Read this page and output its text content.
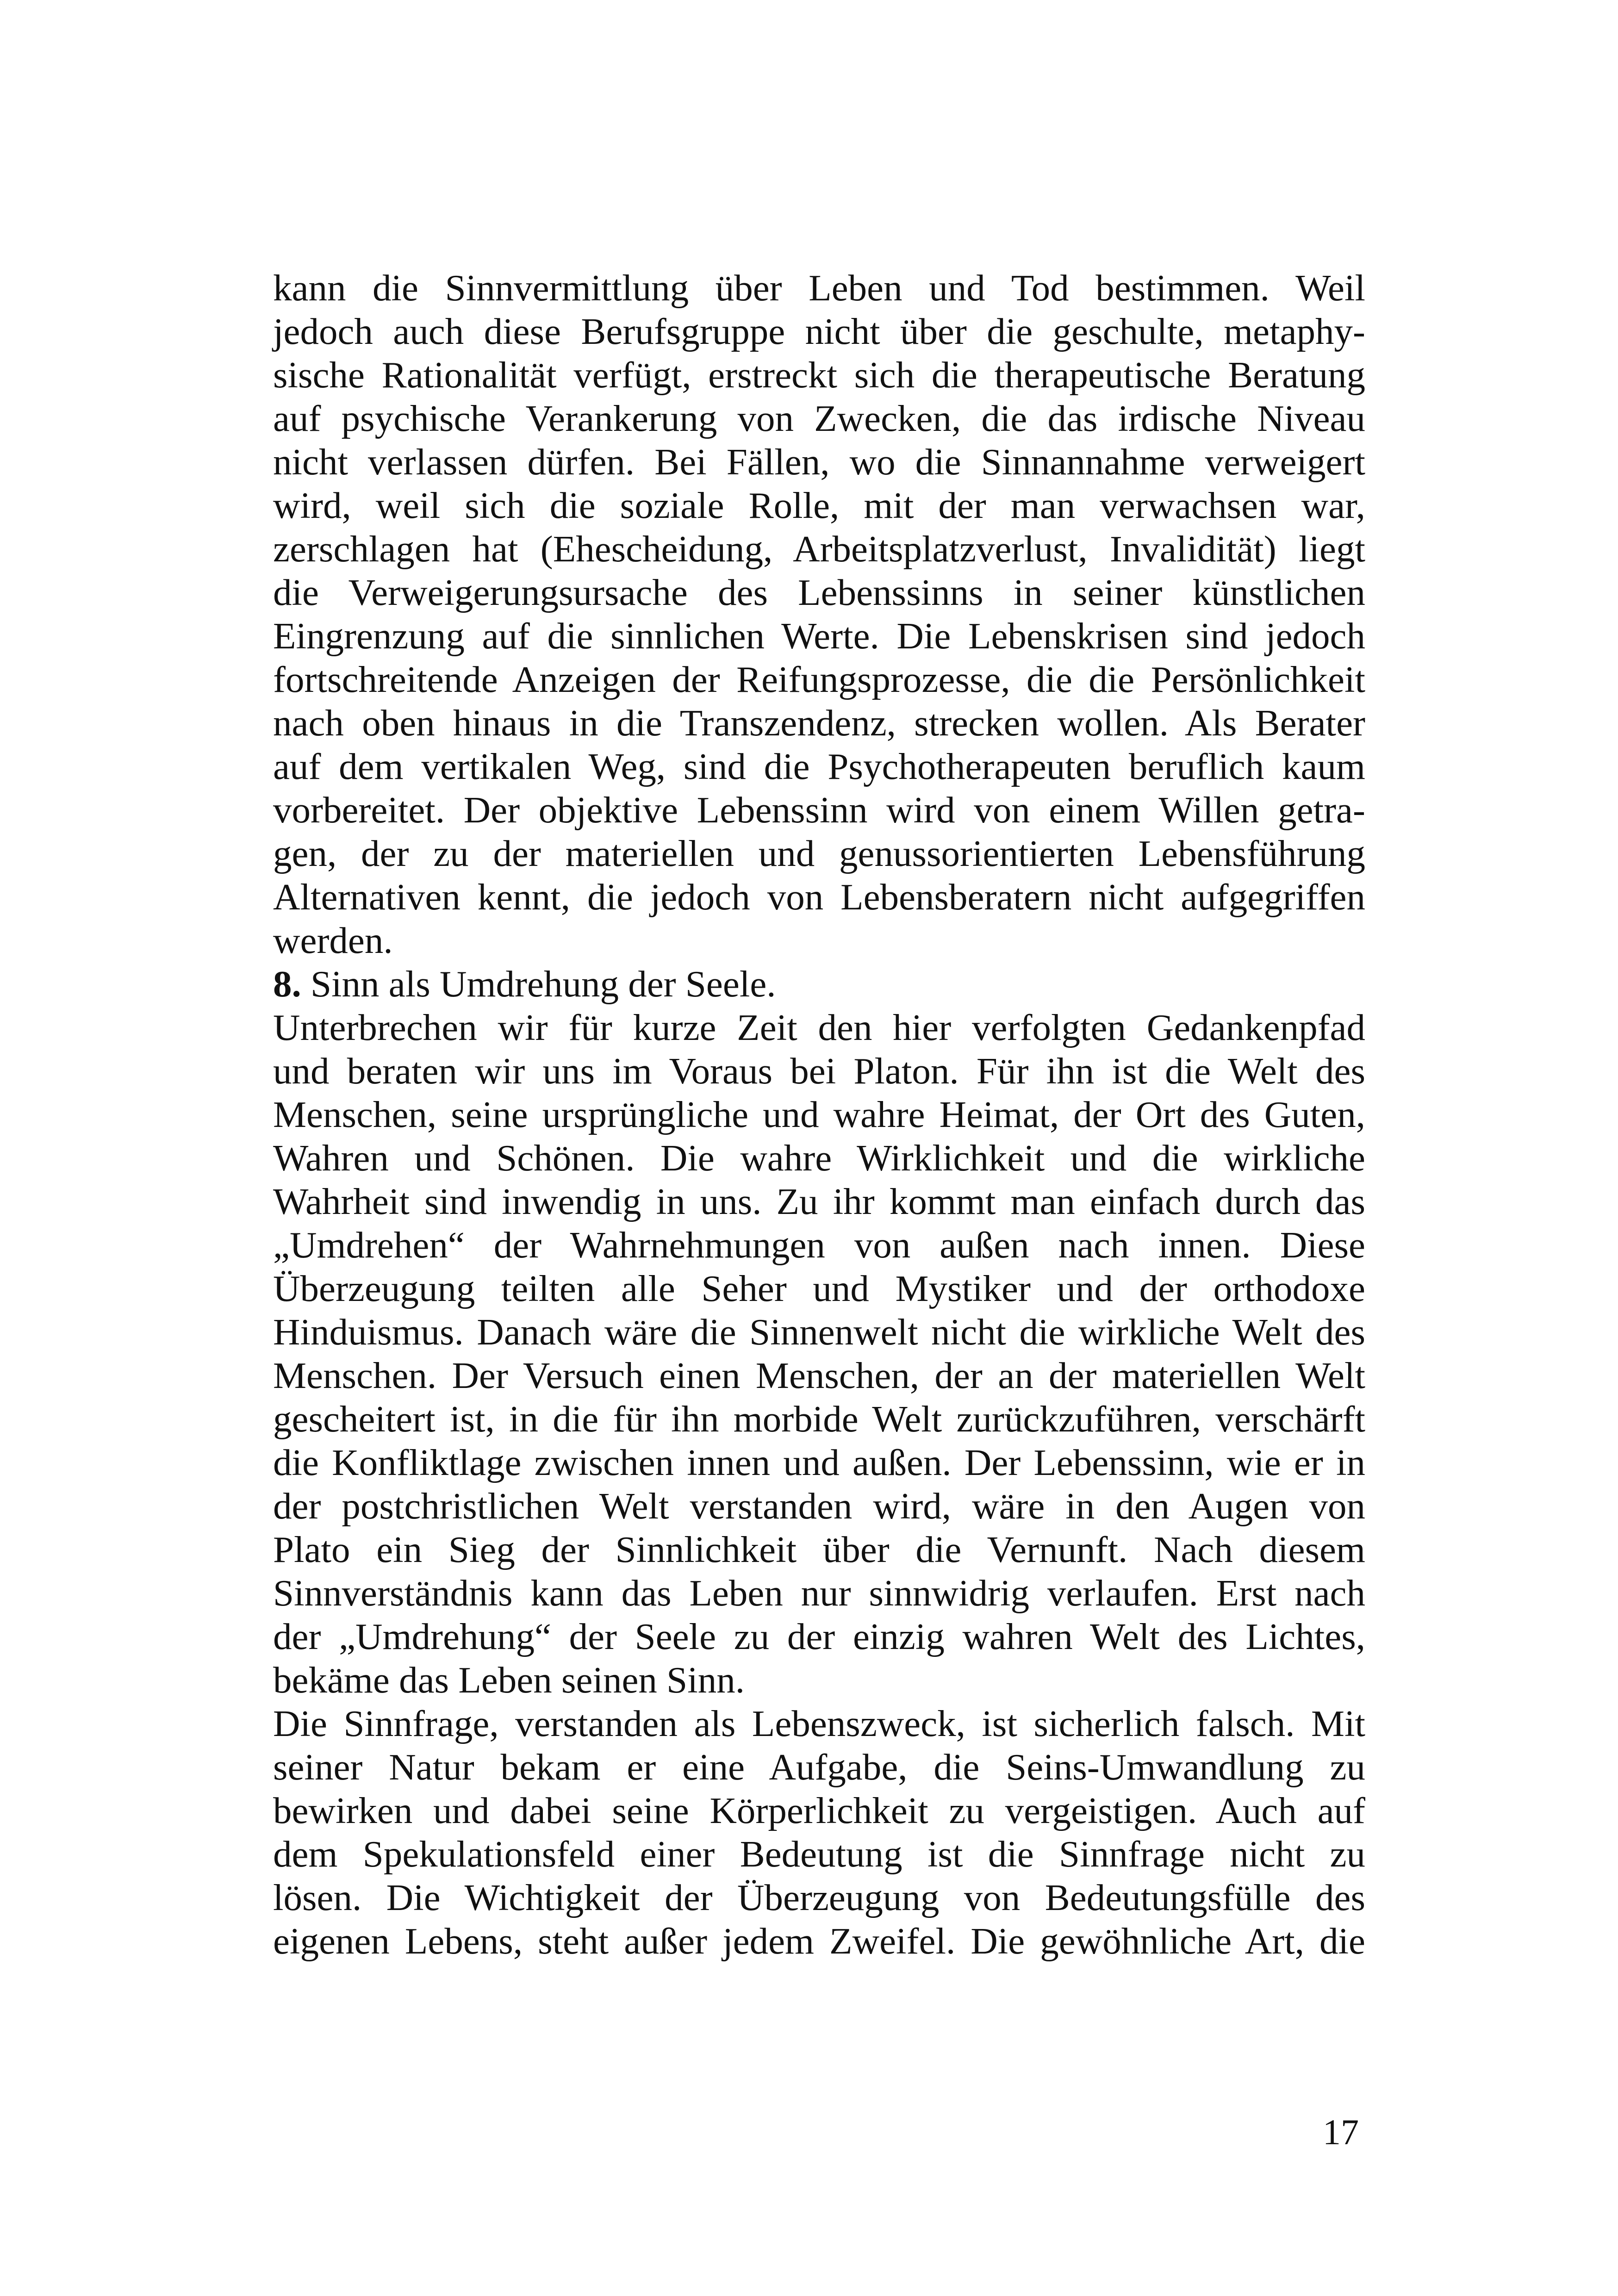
kann die Sinnvermittlung über Leben und Tod bestimmen. Weil
jedoch auch diese Berufsgruppe nicht über die geschulte, metaphy-
sische Rationalität verfügt, erstreckt sich die therapeutische Beratung
auf psychische Verankerung von Zwecken, die das irdische Niveau
nicht verlassen dürfen. Bei Fällen, wo die Sinnannahme verweigert
wird, weil sich die soziale Rolle, mit der man verwachsen war,
zerschlagen hat (Ehescheidung, Arbeitsplatzverlust, Invalidität) liegt
die Verweigerungsursache des Lebenssinns in seiner künstlichen
Eingrenzung auf die sinnlichen Werte. Die Lebenskrisen sind jedoch
fortschreitende Anzeigen der Reifungsprozesse, die die Persönlichkeit
nach oben hinaus in die Transzendenz, strecken wollen. Als Berater
auf dem vertikalen Weg, sind die Psychotherapeuten beruflich kaum
vorbereitet. Der objektive Lebenssinn wird von einem Willen getra-
gen, der zu der materiellen und genussorientierten Lebensführung
Alternativen kennt, die jedoch von Lebensberatern nicht aufgegriffen
werden.
8. Sinn als Umdrehung der Seele.
Unterbrechen wir für kurze Zeit den hier verfolgten Gedankenpfad
und beraten wir uns im Voraus bei Platon. Für ihn ist die Welt des
Menschen, seine ursprüngliche und wahre Heimat, der Ort des Guten,
Wahren und Schönen. Die wahre Wirklichkeit und die wirkliche
Wahrheit sind inwendig in uns. Zu ihr kommt man einfach durch das
„Umdrehen“ der Wahrnehmungen von außen nach innen. Diese
Überzeugung teilten alle Seher und Mystiker und der orthodoxe
Hinduismus. Danach wäre die Sinnenwelt nicht die wirkliche Welt des
Menschen. Der Versuch einen Menschen, der an der materiellen Welt
gescheitert ist, in die für ihn morbide Welt zurückzuführen, verschärft
die Konfliktlage zwischen innen und außen. Der Lebenssinn, wie er in
der postchristlichen Welt verstanden wird, wäre in den Augen von
Plato ein Sieg der Sinnlichkeit über die Vernunft. Nach diesem
Sinnverständnis kann das Leben nur sinnwidrig verlaufen. Erst nach
der „Umdrehung“ der Seele zu der einzig wahren Welt des Lichtes,
bekäme das Leben seinen Sinn.
Die Sinnfrage, verstanden als Lebenszweck, ist sicherlich falsch. Mit
seiner Natur bekam er eine Aufgabe, die Seins-Umwandlung zu
bewirken und dabei seine Körperlichkeit zu vergeistigen. Auch auf
dem Spekulationsfeld einer Bedeutung ist die Sinnfrage nicht zu
lösen. Die Wichtigkeit der Überzeugung von Bedeutungsfülle des
eigenen Lebens, steht außer jedem Zweifel. Die gewöhnliche Art, die
17
